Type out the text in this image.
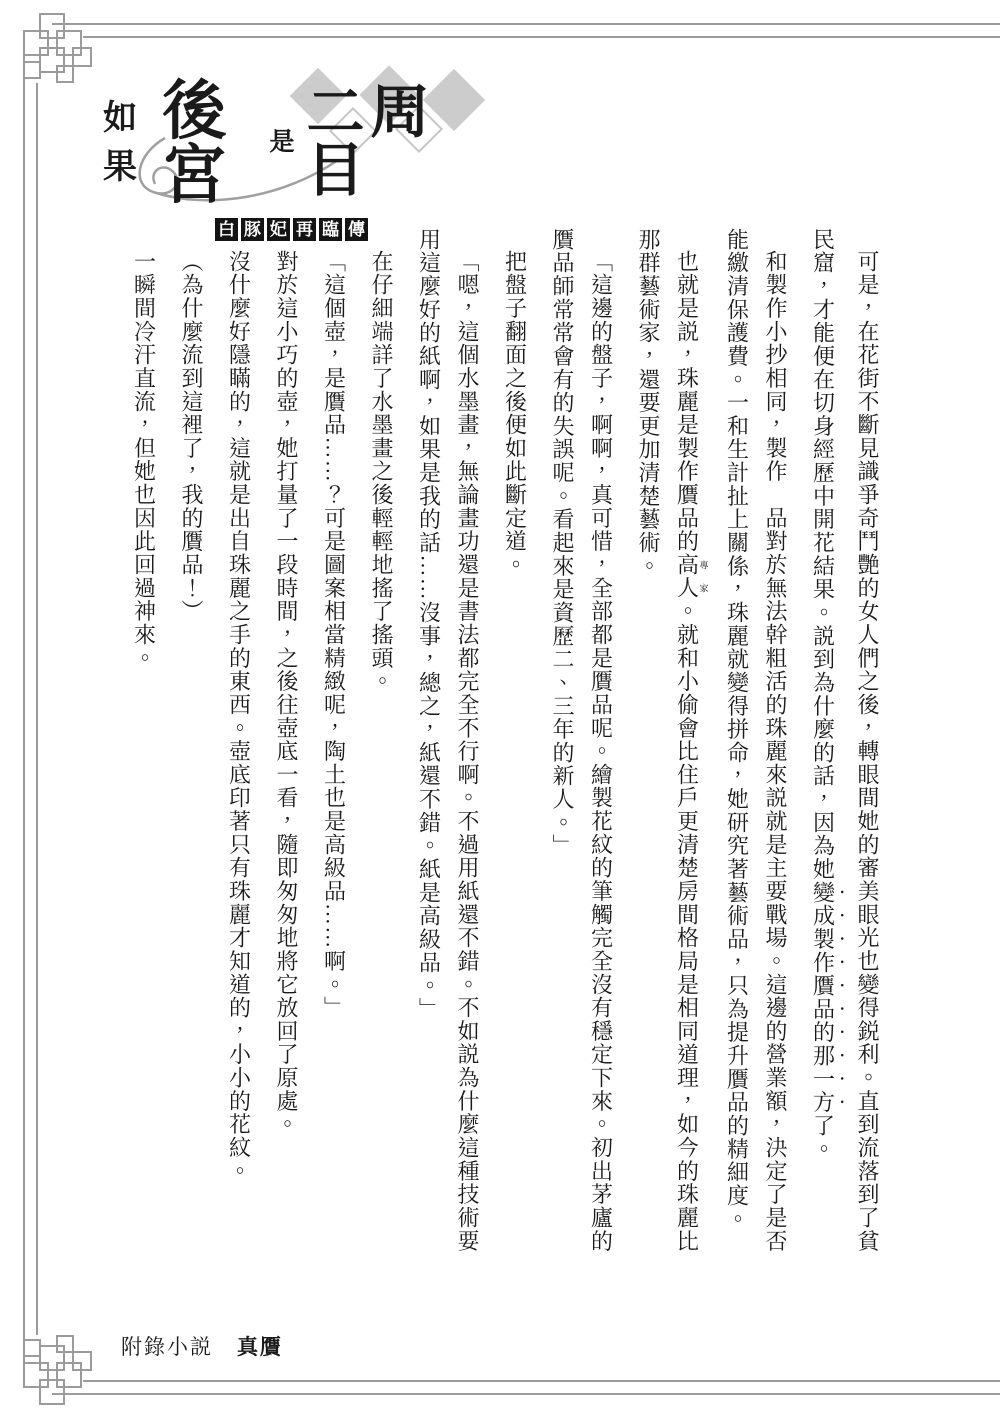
如果
後宮	是 二周目
白 豚 妃 再 臨 傳

可是，在花街不斷見識爭奇鬥艷的女人們之後，轉眼間她的審美眼光也變得鋭利。直到流落到了貧民窟，才能便在切身經歷中開花結果。説到為什麼的話，因為她變成製作贋品的那一方了。

和製作小抄相同，製作　品對於無法幹粗活的珠麗來説就是主要戰場。這邊的營業額，決定了是否能繳清保護費。一和生計扯上關係，珠麗就變得拼命，她研究著藝術品，只為提升贋品的精細度。

也就是説，珠麗是製作贋品的高人專家。就和小偷會比住戶更清楚房間格局是相同道理，如今的珠麗比那群藝術家，還要更加清楚藝術。

「這邊的盤子，啊啊，真可惜，全部都是贋品呢。繪製花紋的筆觸完全沒有穩定下來。初出茅廬的贋品師常常會有的失誤呢。看起來是資歷二、三年的新人。」

把盤子翻面之後便如此斷定道。

「嗯，這個水墨畫，無論畫功還是書法都完全不行啊。不過用紙還不錯。不如説為什麼這種技術要用這麼好的紙啊，如果是我的話……沒事，總之，紙還不錯。紙是高級品。」

在仔細端詳了水墨畫之後輕輕地搖了搖頭。

「這個壺，是贋品……？可是圖案相當精緻呢，陶土也是高級品……啊。」

對於這小巧的壺，她打量了一段時間，之後往壺底一看，隨即匆匆地將它放回了原處。

沒什麼好隱瞞的，這就是出自珠麗之手的東西。壺底印著只有珠麗才知道的，小小的花紋。

（為什麼流到這裡了，我的贋品！）

一瞬間冷汗直流，但她也因此回過神來。

附錄小説 真贋
